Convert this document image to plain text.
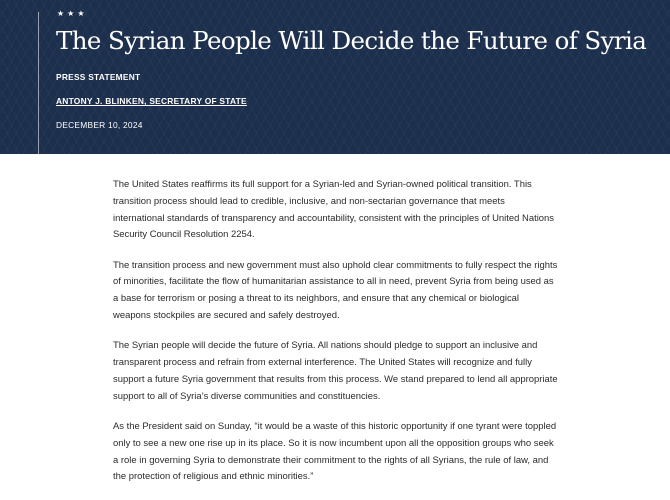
★★★
The Syrian People Will Decide the Future of Syria
PRESS STATEMENT
ANTONY J. BLINKEN, SECRETARY OF STATE
DECEMBER 10, 2024

The United States reaffirms its full support for a Syrian-led and Syrian-owned political transition. This transition process should lead to credible, inclusive, and non-sectarian governance that meets international standards of transparency and accountability, consistent with the principles of United Nations Security Council Resolution 2254.

The transition process and new government must also uphold clear commitments to fully respect the rights of minorities, facilitate the flow of humanitarian assistance to all in need, prevent Syria from being used as a base for terrorism or posing a threat to its neighbors, and ensure that any chemical or biological weapons stockpiles are secured and safely destroyed.

The Syrian people will decide the future of Syria. All nations should pledge to support an inclusive and transparent process and refrain from external interference. The United States will recognize and fully support a future Syria government that results from this process. We stand prepared to lend all appropriate support to all of Syria’s diverse communities and constituencies.

As the President said on Sunday, “it would be a waste of this historic opportunity if one tyrant were toppled only to see a new one rise up in its place. So it is now incumbent upon all the opposition groups who seek a role in governing Syria to demonstrate their commitment to the rights of all Syrians, the rule of law, and the protection of religious and ethnic minorities.”
